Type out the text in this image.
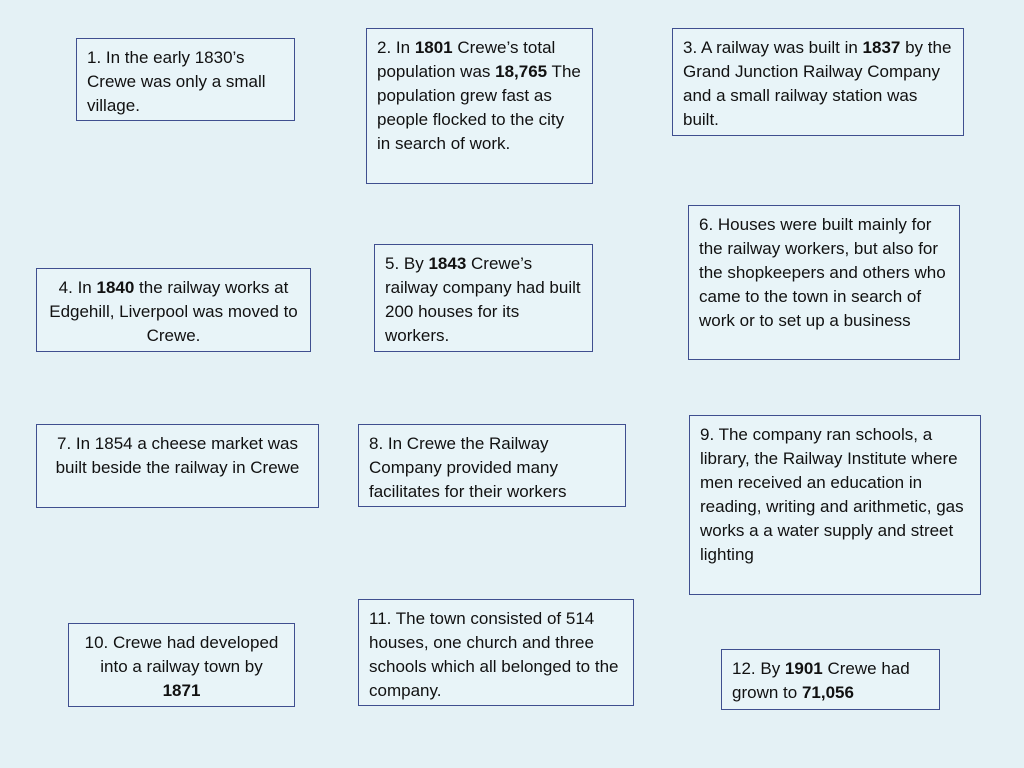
1. In the early 1830’s Crewe was only a small village.
2. In 1801 Crewe’s total population was 18,765 The population grew fast as people flocked to the city in search of work.
3. A railway was built in 1837 by the Grand Junction Railway Company and a small railway station was built.
4. In 1840 the railway works at Edgehill, Liverpool was moved to Crewe.
5. By 1843 Crewe’s railway company had built 200 houses for its workers.
6. Houses were built mainly for the railway workers, but also for the shopkeepers and others who came to the town in search of work or to set up a business
7. In 1854 a cheese market was built beside the railway in Crewe
8. In Crewe the Railway Company provided many facilitates for their workers
9. The company ran schools, a library, the Railway Institute where men received an education in reading, writing and arithmetic, gas works a a water supply and street lighting
10. Crewe had developed into a railway town by 1871
11. The town consisted of 514 houses, one church and three schools which all belonged to the company.
12. By 1901 Crewe had grown to 71,056
